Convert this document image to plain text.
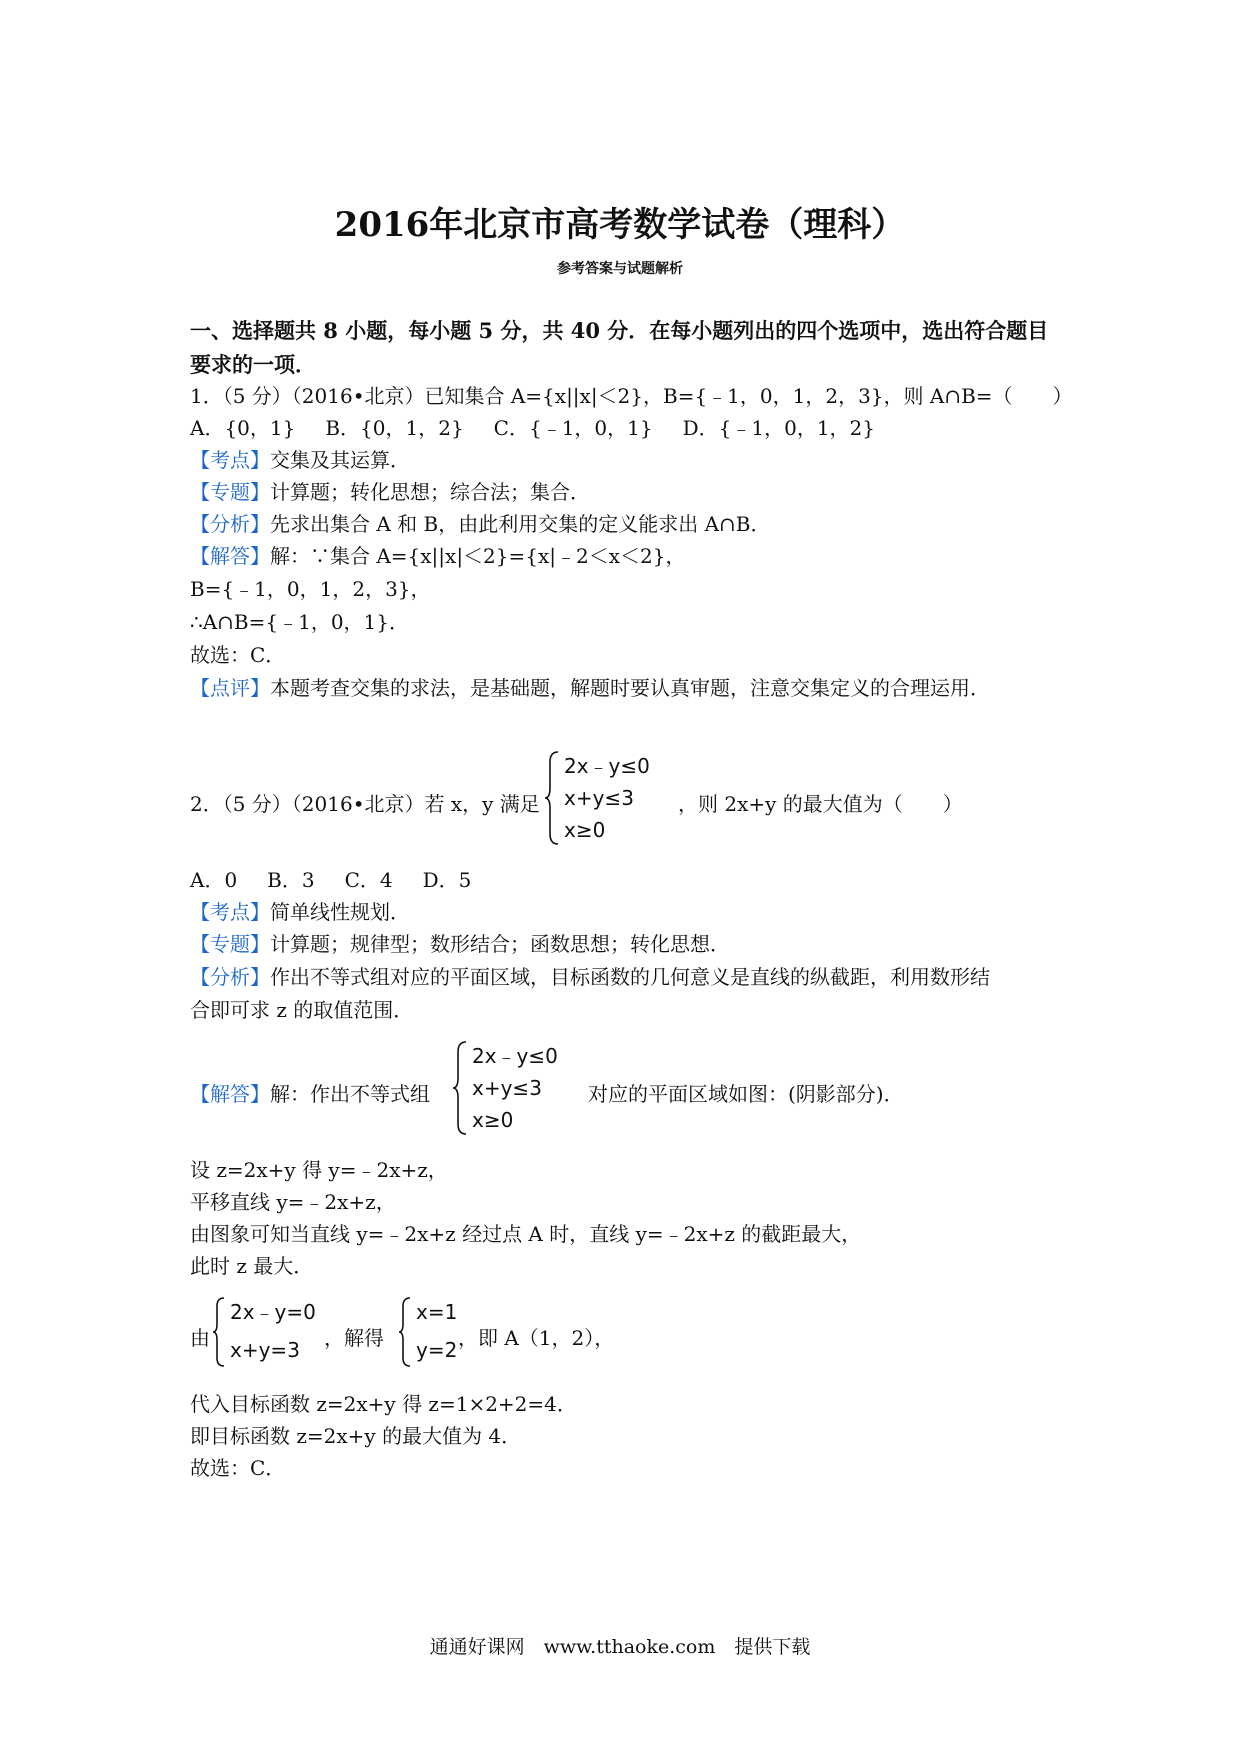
2016年北京市高考数学试卷（理科）
参考答案与试题解析
一、选择题共 8 小题，每小题 5 分，共 40 分．在每小题列出的四个选项中，选出符合题目
要求的一项．
1．（5 分）（2016•北京）已知集合 A={x||x|＜2}，B={﹣1，0，1，2，3}，则 A∩B=（　　）
A．{0，1} B．{0，1，2} C．{﹣1，0，1} D．{﹣1，0，1，2}
【考点】交集及其运算．
【专题】计算题；转化思想；综合法；集合．
【分析】先求出集合 A 和 B，由此利用交集的定义能求出 A∩B．
【解答】解：∵集合 A={x||x|＜2}={x|﹣2＜x＜2}，
B={﹣1，0，1，2，3}，
∴A∩B={﹣1，0，1}．
故选：C．
【点评】本题考查交集的求法，是基础题，解题时要认真审题，注意交集定义的合理运用．
2．（5 分）（2016•北京）若 x，y 满足
2x﹣y≤0
x+y≤3
x≥0
，则 2x+y 的最大值为（　　）
A．0 B．3 C．4 D．5
【考点】简单线性规划．
【专题】计算题；规律型；数形结合；函数思想；转化思想．
【分析】作出不等式组对应的平面区域，目标函数的几何意义是直线的纵截距，利用数形结
合即可求 z 的取值范围．
【解答】解：作出不等式组
2x﹣y≤0
x+y≤3
x≥0
对应的平面区域如图：(阴影部分)．
设 z=2x+y 得 y=﹣2x+z，
平移直线 y=﹣2x+z，
由图象可知当直线 y=﹣2x+z 经过点 A 时，直线 y=﹣2x+z 的截距最大，
此时 z 最大．
由
2x﹣y=0
x+y=3 ，解得
x=1
y=2 ，即 A（1，2），
代入目标函数 z=2x+y 得 z=1×2+2=4．
即目标函数 z=2x+y 的最大值为 4．
故选：C．
通通好课网　www.tthaoke.com　提供下载
